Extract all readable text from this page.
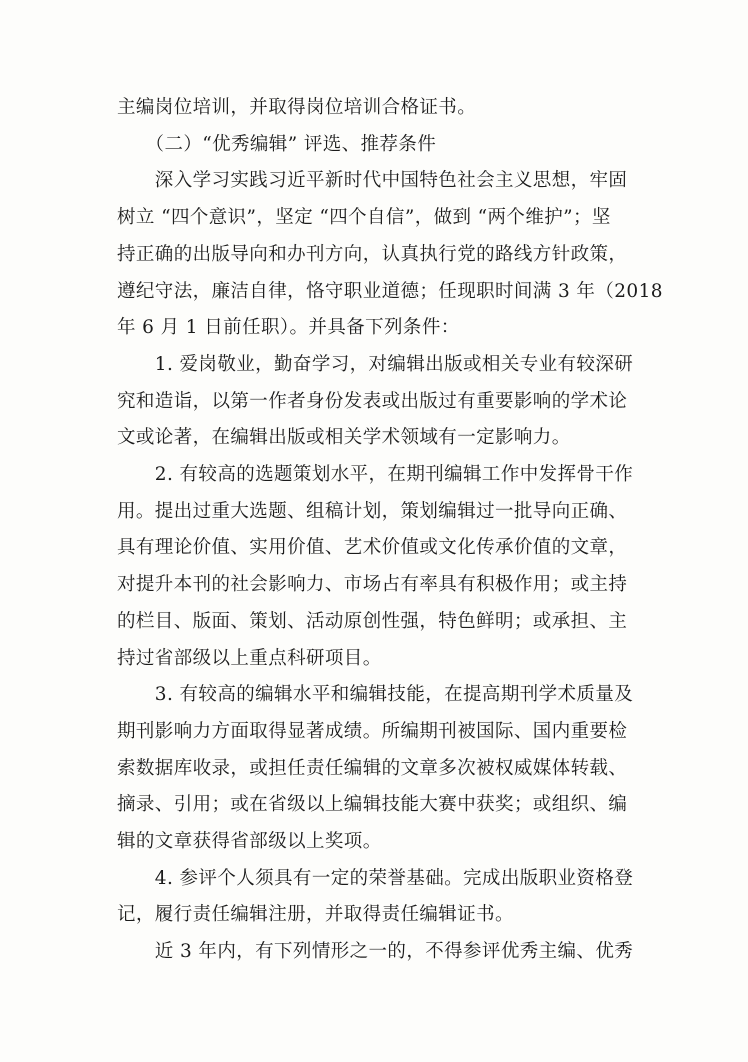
主编岗位培训，并取得岗位培训合格证书。
　　（二）“优秀编辑” 评选、推荐条件
　　深入学习实践习近平新时代中国特色社会主义思想，牢固
树立 “四个意识”，坚定 “四个自信”，做到 “两个维护”；坚
持正确的出版导向和办刊方向，认真执行党的路线方针政策，
遵纪守法，廉洁自律，恪守职业道德；任现职时间满 3 年（2018
年 6 月 1 日前任职）。并具备下列条件：
　　1. 爱岗敬业，勤奋学习，对编辑出版或相关专业有较深研
究和造诣，以第一作者身份发表或出版过有重要影响的学术论
文或论著，在编辑出版或相关学术领域有一定影响力。
　　2. 有较高的选题策划水平，在期刊编辑工作中发挥骨干作
用。提出过重大选题、组稿计划，策划编辑过一批导向正确、
具有理论价值、实用价值、艺术价值或文化传承价值的文章，
对提升本刊的社会影响力、市场占有率具有积极作用；或主持
的栏目、版面、策划、活动原创性强，特色鲜明；或承担、主
持过省部级以上重点科研项目。
　　3. 有较高的编辑水平和编辑技能，在提高期刊学术质量及
期刊影响力方面取得显著成绩。所编期刊被国际、国内重要检
索数据库收录，或担任责任编辑的文章多次被权威媒体转载、
摘录、引用；或在省级以上编辑技能大赛中获奖；或组织、编
辑的文章获得省部级以上奖项。
　　4. 参评个人须具有一定的荣誉基础。完成出版职业资格登
记，履行责任编辑注册，并取得责任编辑证书。
　　近 3 年内，有下列情形之一的，不得参评优秀主编、优秀
